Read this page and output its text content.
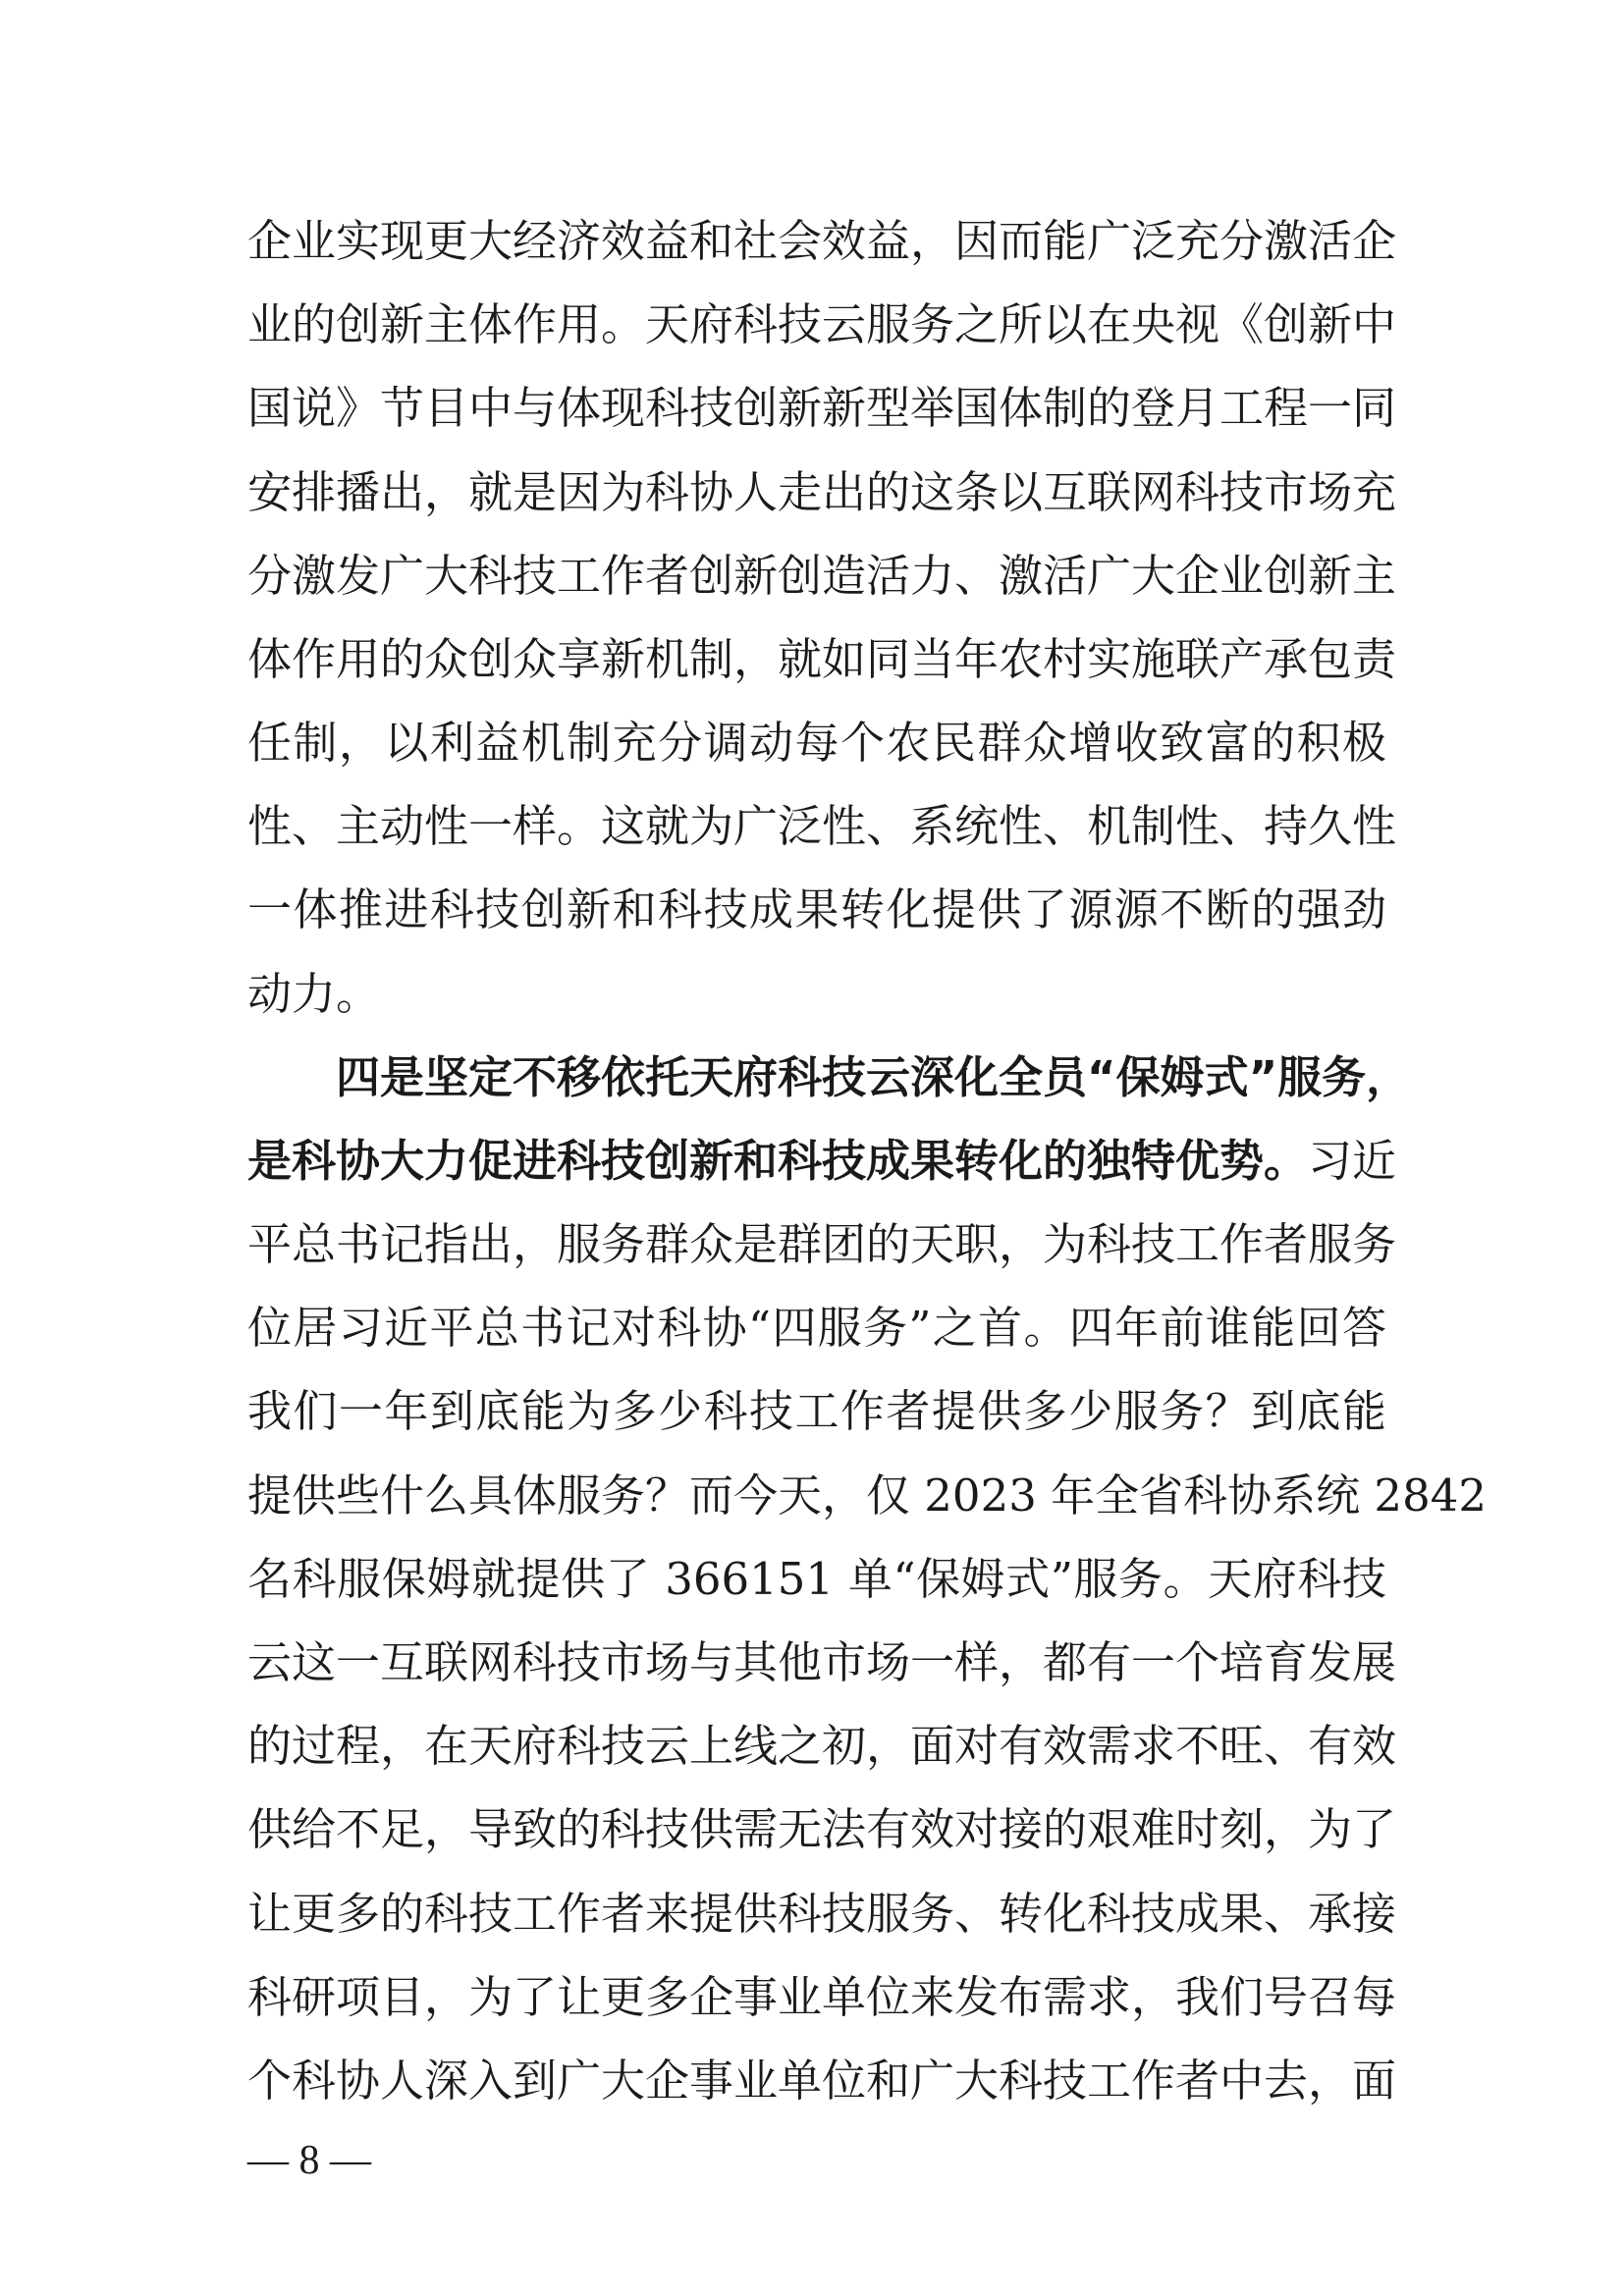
企业实现更大经济效益和社会效益，因而能广泛充分激活企
业的创新主体作用。天府科技云服务之所以在央视《创新中
国说》节目中与体现科技创新新型举国体制的登月工程一同
安排播出，就是因为科协人走出的这条以互联网科技市场充
分激发广大科技工作者创新创造活力、激活广大企业创新主
体作用的众创众享新机制，就如同当年农村实施联产承包责
任制，以利益机制充分调动每个农民群众增收致富的积极
性、主动性一样。这就为广泛性、系统性、机制性、持久性
一体推进科技创新和科技成果转化提供了源源不断的强劲
动力。
四是坚定不移依托天府科技云深化全员“保姆式”服务，
是科协大力促进科技创新和科技成果转化的独特优势。习近
平总书记指出，服务群众是群团的天职，为科技工作者服务
位居习近平总书记对科协“四服务”之首。四年前谁能回答
我们一年到底能为多少科技工作者提供多少服务？到底能
提供些什么具体服务？而今天，仅 2023 年全省科协系统 2842
名科服保姆就提供了 366151 单“保姆式”服务。天府科技
云这一互联网科技市场与其他市场一样，都有一个培育发展
的过程，在天府科技云上线之初，面对有效需求不旺、有效
供给不足，导致的科技供需无法有效对接的艰难时刻，为了
让更多的科技工作者来提供科技服务、转化科技成果、承接
科研项目，为了让更多企事业单位来发布需求，我们号召每
个科协人深入到广大企事业单位和广大科技工作者中去，面
— 8 —
